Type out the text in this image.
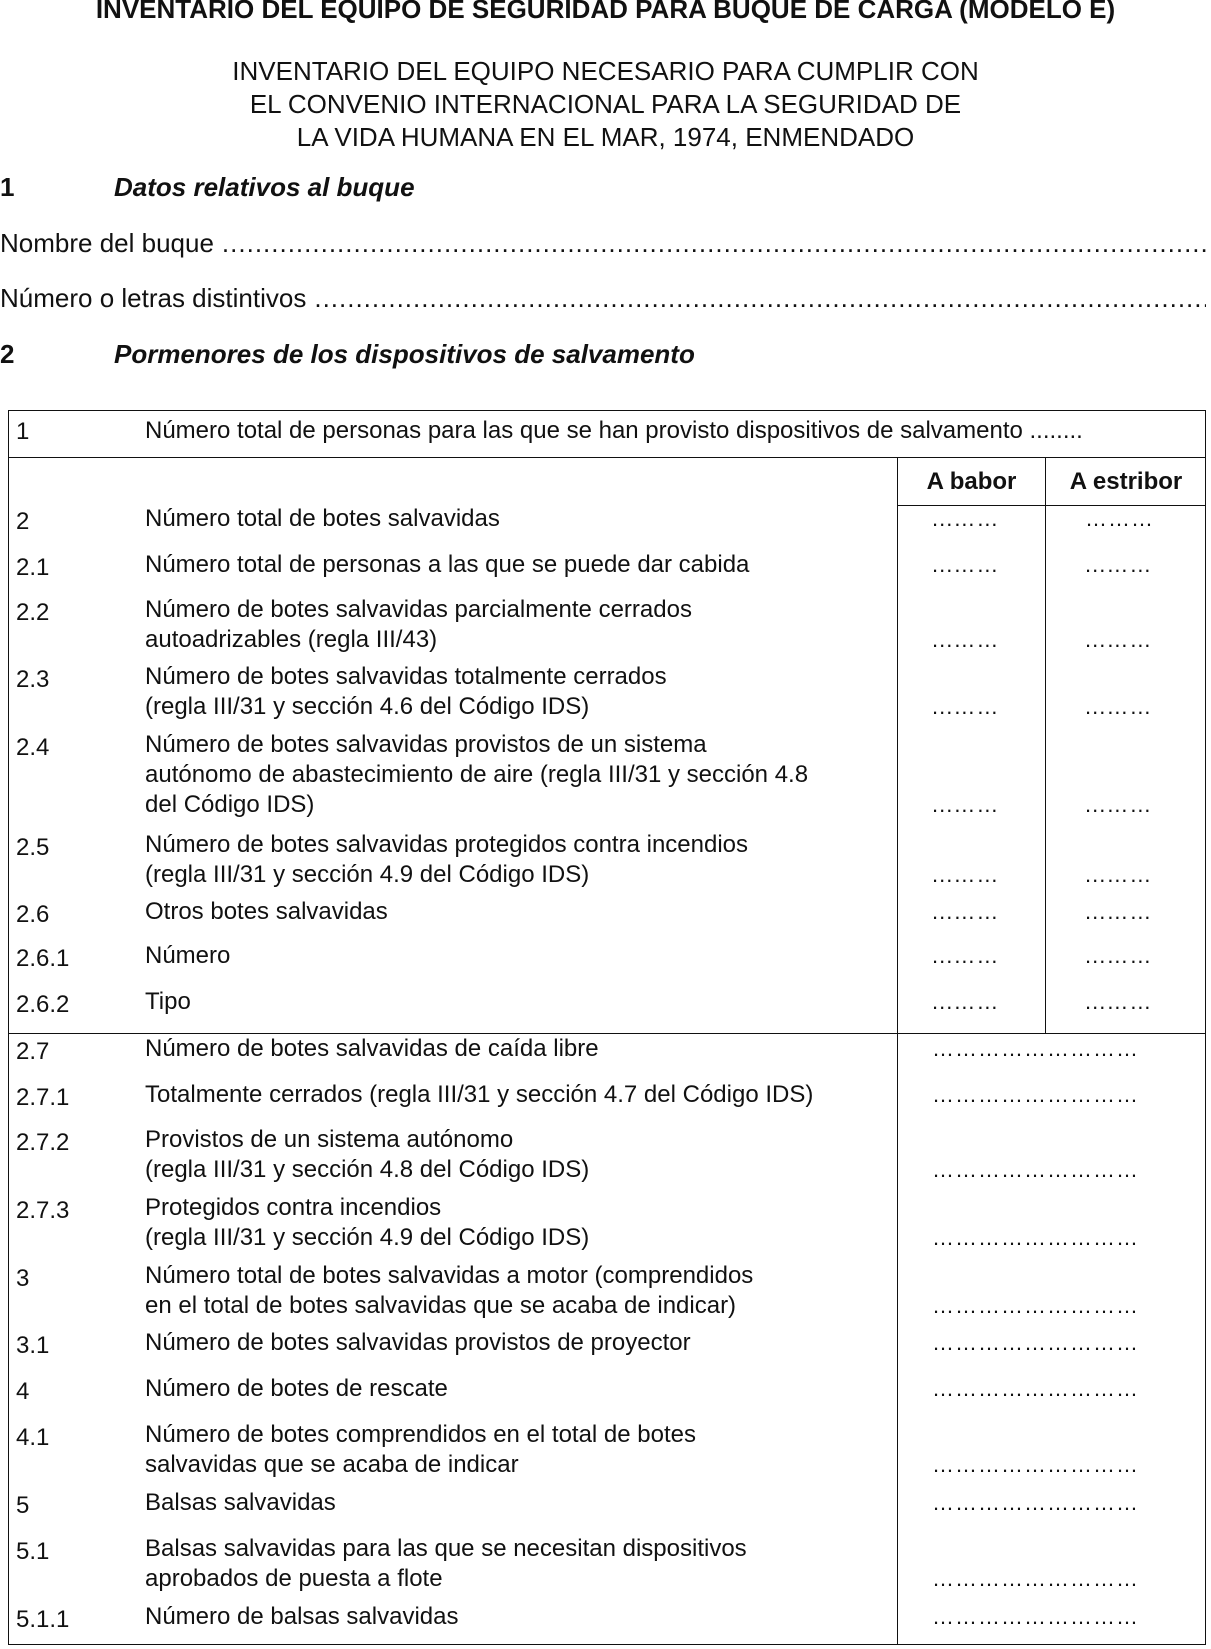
INVENTARIO DEL EQUIPO DE SEGURIDAD PARA BUQUE DE CARGA (MODELO E)
INVENTARIO DEL EQUIPO NECESARIO PARA CUMPLIR CON
EL CONVENIO INTERNACIONAL PARA LA SEGURIDAD DE
LA VIDA HUMANA EN EL MAR, 1974, ENMENDADO
1	Datos relativos al buque
Nombre del buque
.....
Número o letras distintivos
.....
2	Pormenores de los dispositivos de salvamento
1	Número total de personas para las que se han provisto dispositivos de salvamento ........
A babor	A estribor
2	Número total de botes salvavidas	...……	………
2.1	Número total de personas a las que se puede dar cabida	...……	...……
2.2	Número de botes salvavidas parcialmente cerrados
autoadrizables (regla III/43)	...……	...……
2.3	Número de botes salvavidas totalmente cerrados
(regla III/31 y sección 4.6 del Código IDS)	...……	...……
2.4	Número de botes salvavidas provistos de un sistema
autónomo de abastecimiento de aire (regla III/31 y sección 4.8
del Código IDS)	...……	...……
2.5	Número de botes salvavidas protegidos contra incendios
(regla III/31 y sección 4.9 del Código IDS)	...……	...……
2.6	Otros botes salvavidas	...……	...……
2.6.1	Número	...……	...……
2.6.2	Tipo	...……	...……
2.7	Número de botes salvavidas de caída libre	………………………
2.7.1	Totalmente cerrados (regla III/31 y sección 4.7 del Código IDS)	………………………
2.7.2	Provistos de un sistema autónomo
(regla III/31 y sección 4.8 del Código IDS)	………………………
2.7.3	Protegidos contra incendios
(regla III/31 y sección 4.9 del Código IDS)	………………………
3	Número total de botes salvavidas a motor (comprendidos
en el total de botes salvavidas que se acaba de indicar)	………………………
3.1	Número de botes salvavidas provistos de proyector	………………………
4	Número de botes de rescate	………………………
4.1	Número de botes comprendidos en el total de botes
salvavidas que se acaba de indicar	………………………
5	Balsas salvavidas	………………………
5.1	Balsas salvavidas para las que se necesitan dispositivos
aprobados de puesta a flote	………………………
5.1.1	Número de balsas salvavidas	………………………
